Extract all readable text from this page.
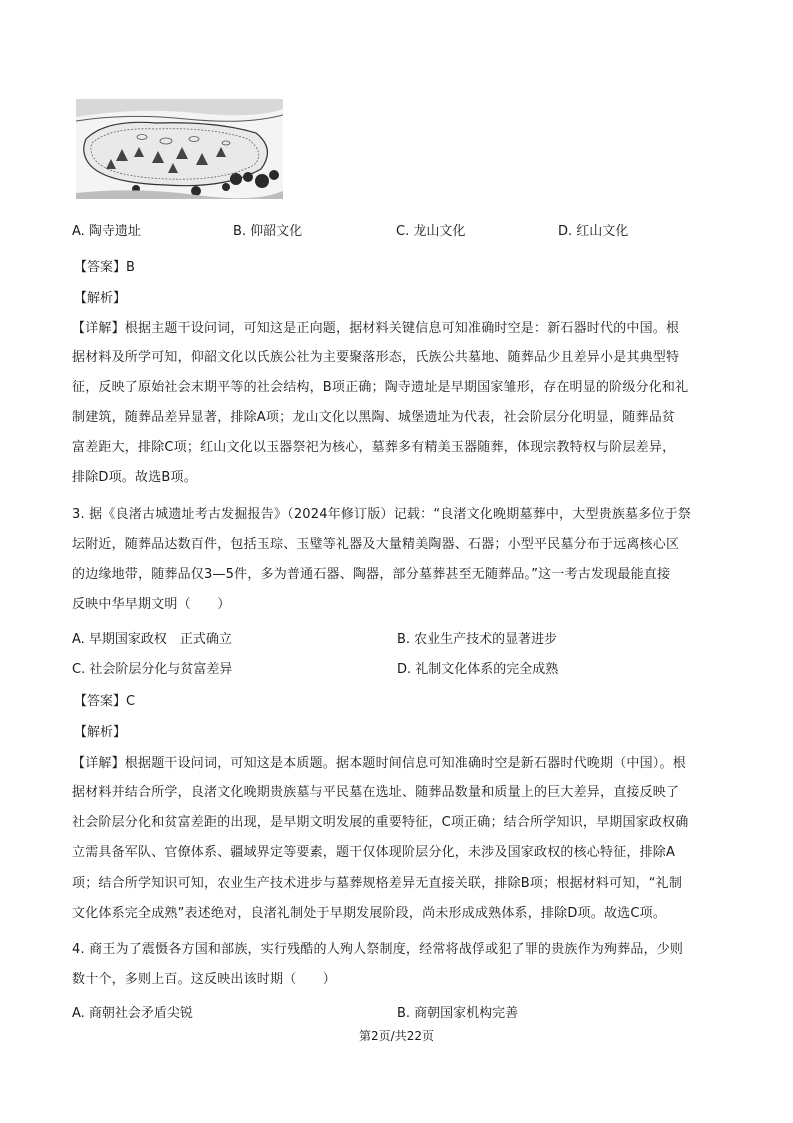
A. 陶寺遗址	B. 仰韶文化	C. 龙山文化	D. 红山文化
【答案】B
【解析】
【详解】根据主题干设问词，可知这是正向题，据材料关键信息可知准确时空是：新石器时代的中国。根
据材料及所学可知，仰韶文化以氏族公社为主要聚落形态，氏族公共墓地、随葬品少且差异小是其典型特
征，反映了原始社会末期平等的社会结构，B项正确；陶寺遗址是早期国家雏形，存在明显的阶级分化和礼
制建筑，随葬品差异显著，排除A项；龙山文化以黑陶、城堡遗址为代表，社会阶层分化明显，随葬品贫
富差距大，排除C项；红山文化以玉器祭祀为核心，墓葬多有精美玉器随葬，体现宗教特权与阶层差异，
排除D项。故选B项。
3. 据《良渚古城遗址考古发掘报告》（2024年修订版）记载：“良渚文化晚期墓葬中，大型贵族墓多位于祭
坛附近，随葬品达数百件，包括玉琮、玉璧等礼器及大量精美陶器、石器；小型平民墓分布于远离核心区
的边缘地带，随葬品仅3—5件，多为普通石器、陶器，部分墓葬甚至无随葬品。”这一考古发现最能直接
反映中华早期文明（　　）
A. 早期国家政权　正式确立	B. 农业生产技术的显著进步
C. 社会阶层分化与贫富差异	D. 礼制文化体系的完全成熟
【答案】C
【解析】
【详解】根据题干设问词，可知这是本质题。据本题时间信息可知准确时空是新石器时代晚期（中国）。根
据材料并结合所学，良渚文化晚期贵族墓与平民墓在选址、随葬品数量和质量上的巨大差异，直接反映了
社会阶层分化和贫富差距的出现，是早期文明发展的重要特征，C项正确；结合所学知识，早期国家政权确
立需具备军队、官僚体系、疆域界定等要素，题干仅体现阶层分化，未涉及国家政权的核心特征，排除A
项；结合所学知识可知，农业生产技术进步与墓葬规格差异无直接关联，排除B项；根据材料可知，“礼制
文化体系完全成熟”表述绝对，良渚礼制处于早期发展阶段，尚未形成成熟体系，排除D项。故选C项。
4. 商王为了震慑各方国和部族，实行残酷的人殉人祭制度，经常将战俘或犯了罪的贵族作为殉葬品，少则
数十个，多则上百。这反映出该时期（　　）
A. 商朝社会矛盾尖锐	B. 商朝国家机构完善
第2页/共22页
